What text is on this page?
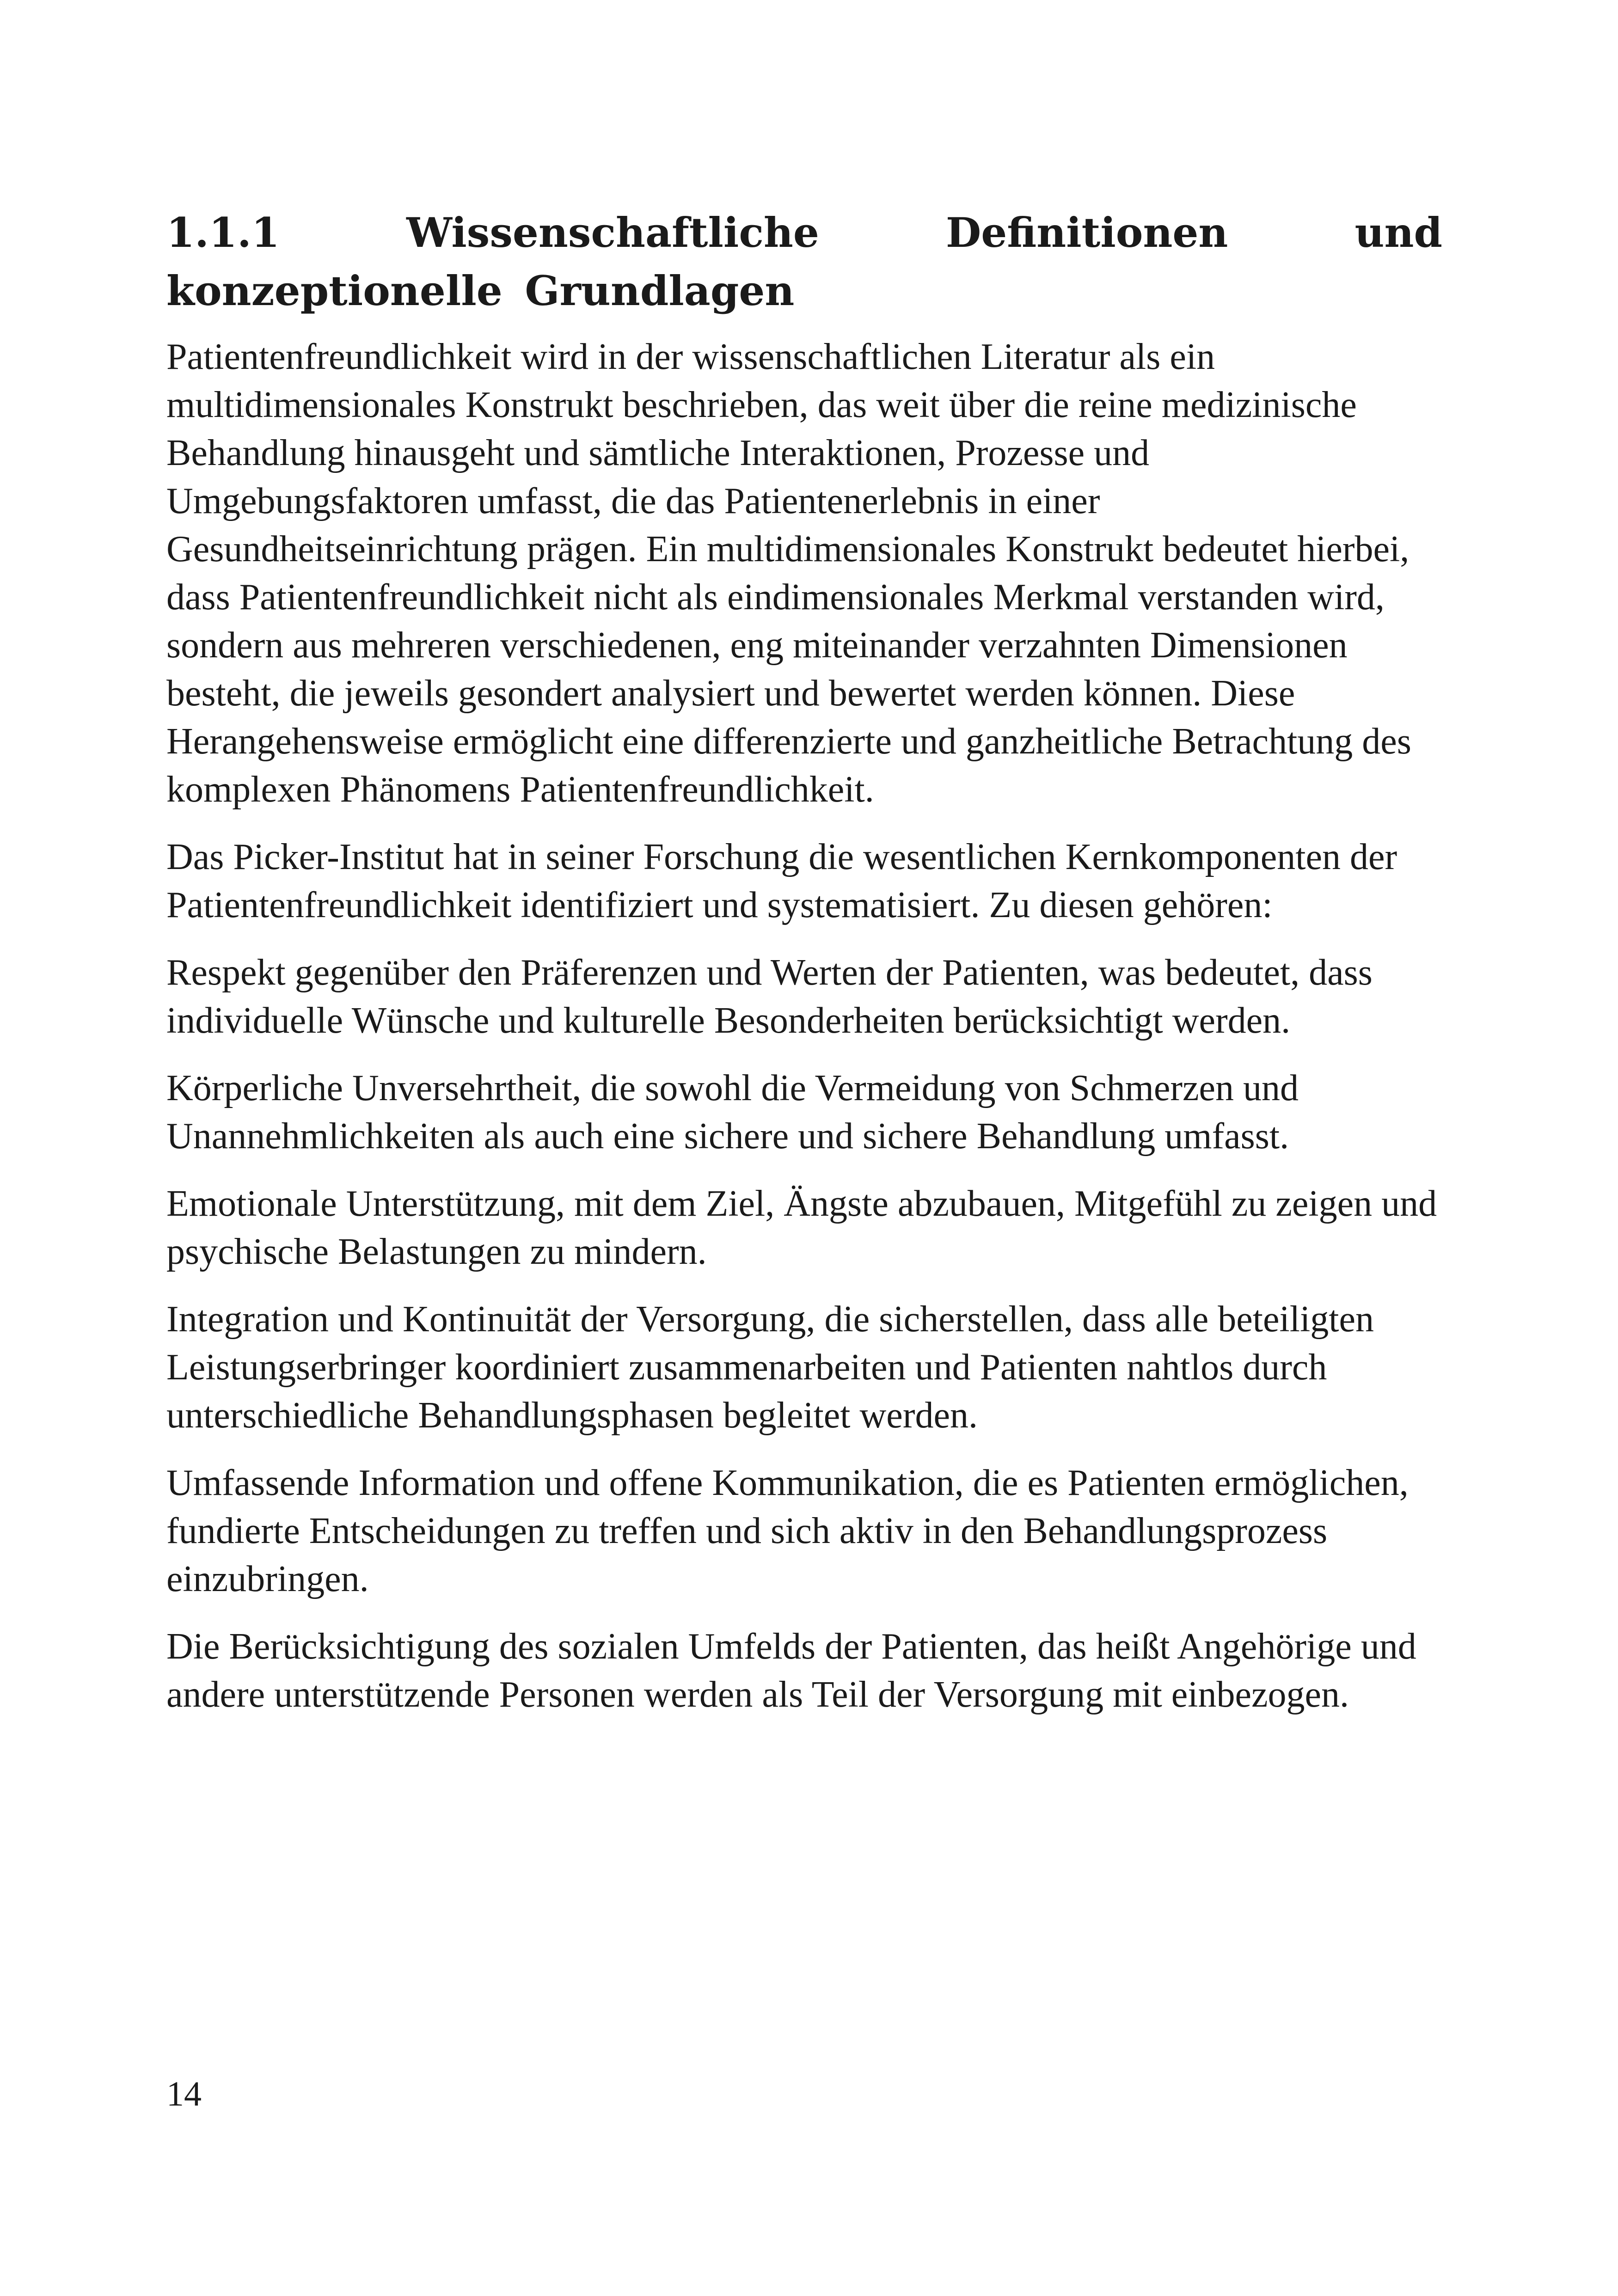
1.1.1 Wissenschaftliche Definitionen und konzeptionelle Grundlagen

Patientenfreundlichkeit wird in der wissenschaftlichen Literatur als ein multidimensionales Konstrukt beschrieben, das weit über die reine medizinische Behandlung hinausgeht und sämtliche Interaktionen, Prozesse und Umgebungsfaktoren umfasst, die das Patientenerlebnis in einer Gesundheitseinrichtung prägen. Ein multidimensionales Konstrukt bedeutet hierbei, dass Patientenfreundlichkeit nicht als eindimensionales Merkmal verstanden wird, sondern aus mehreren verschiedenen, eng miteinander verzahnten Dimensionen besteht, die jeweils gesondert analysiert und bewertet werden können. Diese Herangehensweise ermöglicht eine differenzierte und ganzheitliche Betrachtung des komplexen Phänomens Patientenfreundlichkeit.

Das Picker-Institut hat in seiner Forschung die wesentlichen Kernkomponenten der Patientenfreundlichkeit identifiziert und systematisiert. Zu diesen gehören:

Respekt gegenüber den Präferenzen und Werten der Patienten, was bedeutet, dass individuelle Wünsche und kulturelle Besonderheiten berücksichtigt werden.

Körperliche Unversehrtheit, die sowohl die Vermeidung von Schmerzen und Unannehmlichkeiten als auch eine sichere und sichere Behandlung umfasst.

Emotionale Unterstützung, mit dem Ziel, Ängste abzubauen, Mitgefühl zu zeigen und psychische Belastungen zu mindern.

Integration und Kontinuität der Versorgung, die sicherstellen, dass alle beteiligten Leistungserbringer koordiniert zusammenarbeiten und Patienten nahtlos durch unterschiedliche Behandlungsphasen begleitet werden.

Umfassende Information und offene Kommunikation, die es Patienten ermöglichen, fundierte Entscheidungen zu treffen und sich aktiv in den Behandlungsprozess einzubringen.

Die Berücksichtigung des sozialen Umfelds der Patienten, das heißt Angehörige und andere unterstützende Personen werden als Teil der Versorgung mit einbezogen.

14
